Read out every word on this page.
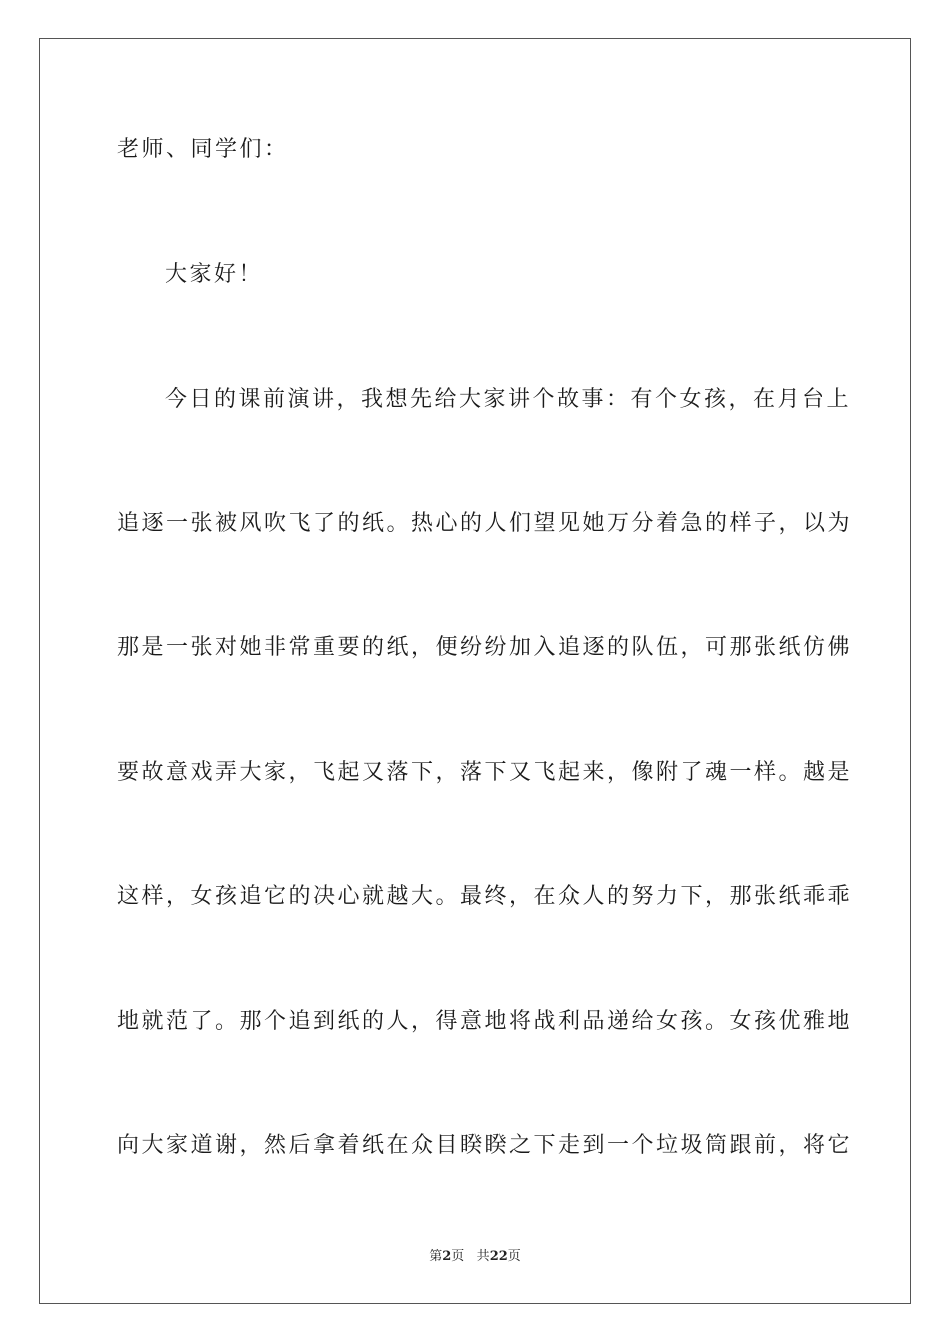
老师、同学们：
大家好！
今日的课前演讲，我想先给大家讲个故事：有个女孩，在月台上
追逐一张被风吹飞了的纸。热心的人们望见她万分着急的样子，以为
那是一张对她非常重要的纸，便纷纷加入追逐的队伍，可那张纸仿佛
要故意戏弄大家，飞起又落下，落下又飞起来，像附了魂一样。越是
这样，女孩追它的决心就越大。最终，在众人的努力下，那张纸乖乖
地就范了。那个追到纸的人，得意地将战利品递给女孩。女孩优雅地
向大家道谢，然后拿着纸在众目睽睽之下走到一个垃圾筒跟前，将它
第2页 共22页
